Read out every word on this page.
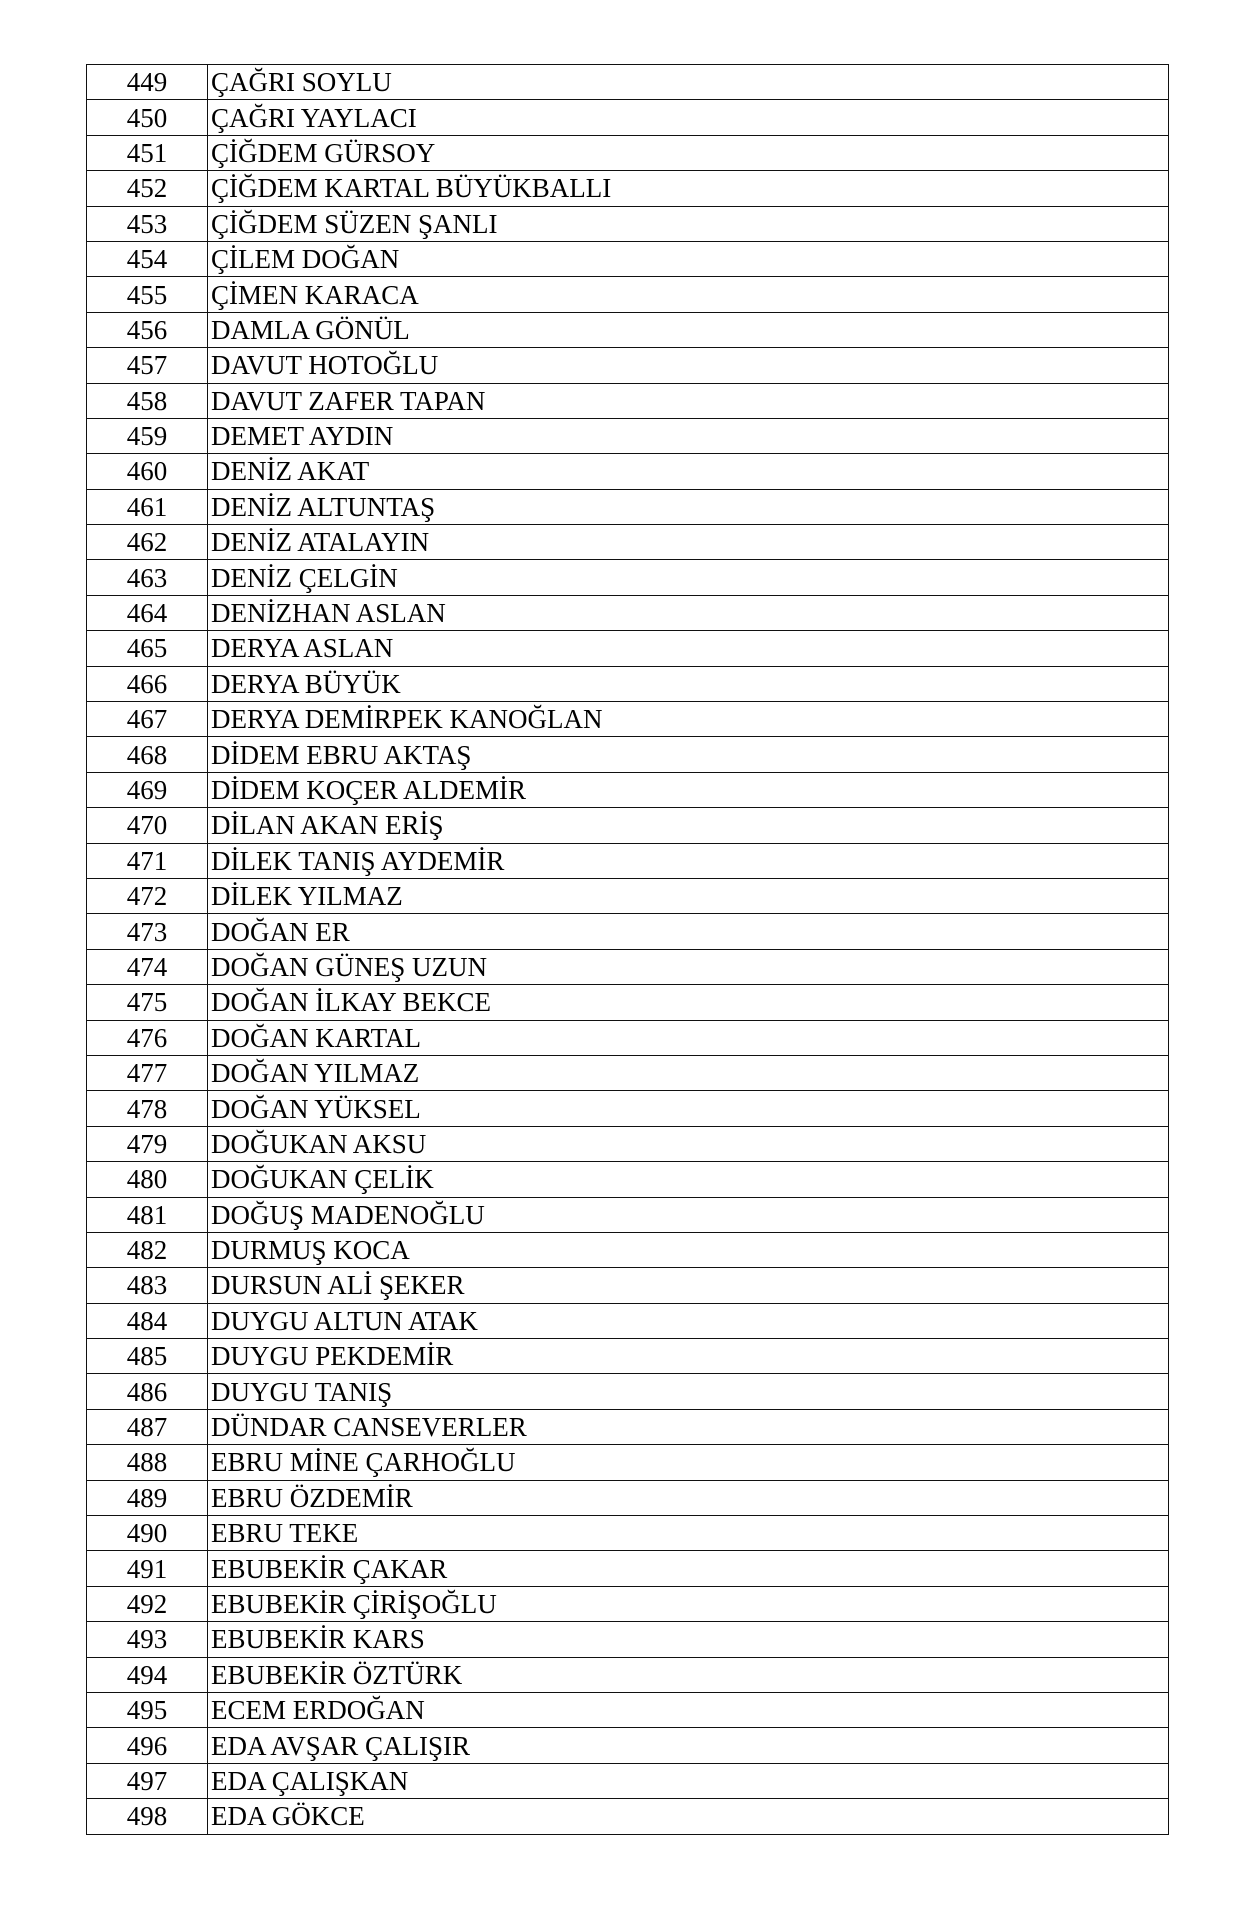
449	ÇAĞRI SOYLU
450	ÇAĞRI YAYLACI
451	ÇİĞDEM GÜRSOY
452	ÇİĞDEM KARTAL BÜYÜKBALLI
453	ÇİĞDEM SÜZEN ŞANLI
454	ÇİLEM DOĞAN
455	ÇİMEN KARACA
456	DAMLA GÖNÜL
457	DAVUT HOTOĞLU
458	DAVUT ZAFER TAPAN
459	DEMET AYDIN
460	DENİZ AKAT
461	DENİZ ALTUNTAŞ
462	DENİZ ATALAYIN
463	DENİZ ÇELGİN
464	DENİZHAN ASLAN
465	DERYA ASLAN
466	DERYA BÜYÜK
467	DERYA DEMİRPEK KANOĞLAN
468	DİDEM EBRU AKTAŞ
469	DİDEM KOÇER ALDEMİR
470	DİLAN AKAN ERİŞ
471	DİLEK TANIŞ AYDEMİR
472	DİLEK YILMAZ
473	DOĞAN ER
474	DOĞAN GÜNEŞ UZUN
475	DOĞAN İLKAY BEKCE
476	DOĞAN KARTAL
477	DOĞAN YILMAZ
478	DOĞAN YÜKSEL
479	DOĞUKAN AKSU
480	DOĞUKAN ÇELİK
481	DOĞUŞ MADENOĞLU
482	DURMUŞ KOCA
483	DURSUN ALİ ŞEKER
484	DUYGU ALTUN ATAK
485	DUYGU PEKDEMİR
486	DUYGU TANIŞ
487	DÜNDAR CANSEVERLER
488	EBRU MİNE ÇARHOĞLU
489	EBRU ÖZDEMİR
490	EBRU TEKE
491	EBUBEKİR ÇAKAR
492	EBUBEKİR ÇİRİŞOĞLU
493	EBUBEKİR KARS
494	EBUBEKİR ÖZTÜRK
495	ECEM ERDOĞAN
496	EDA AVŞAR ÇALIŞIR
497	EDA ÇALIŞKAN
498	EDA GÖKCE
